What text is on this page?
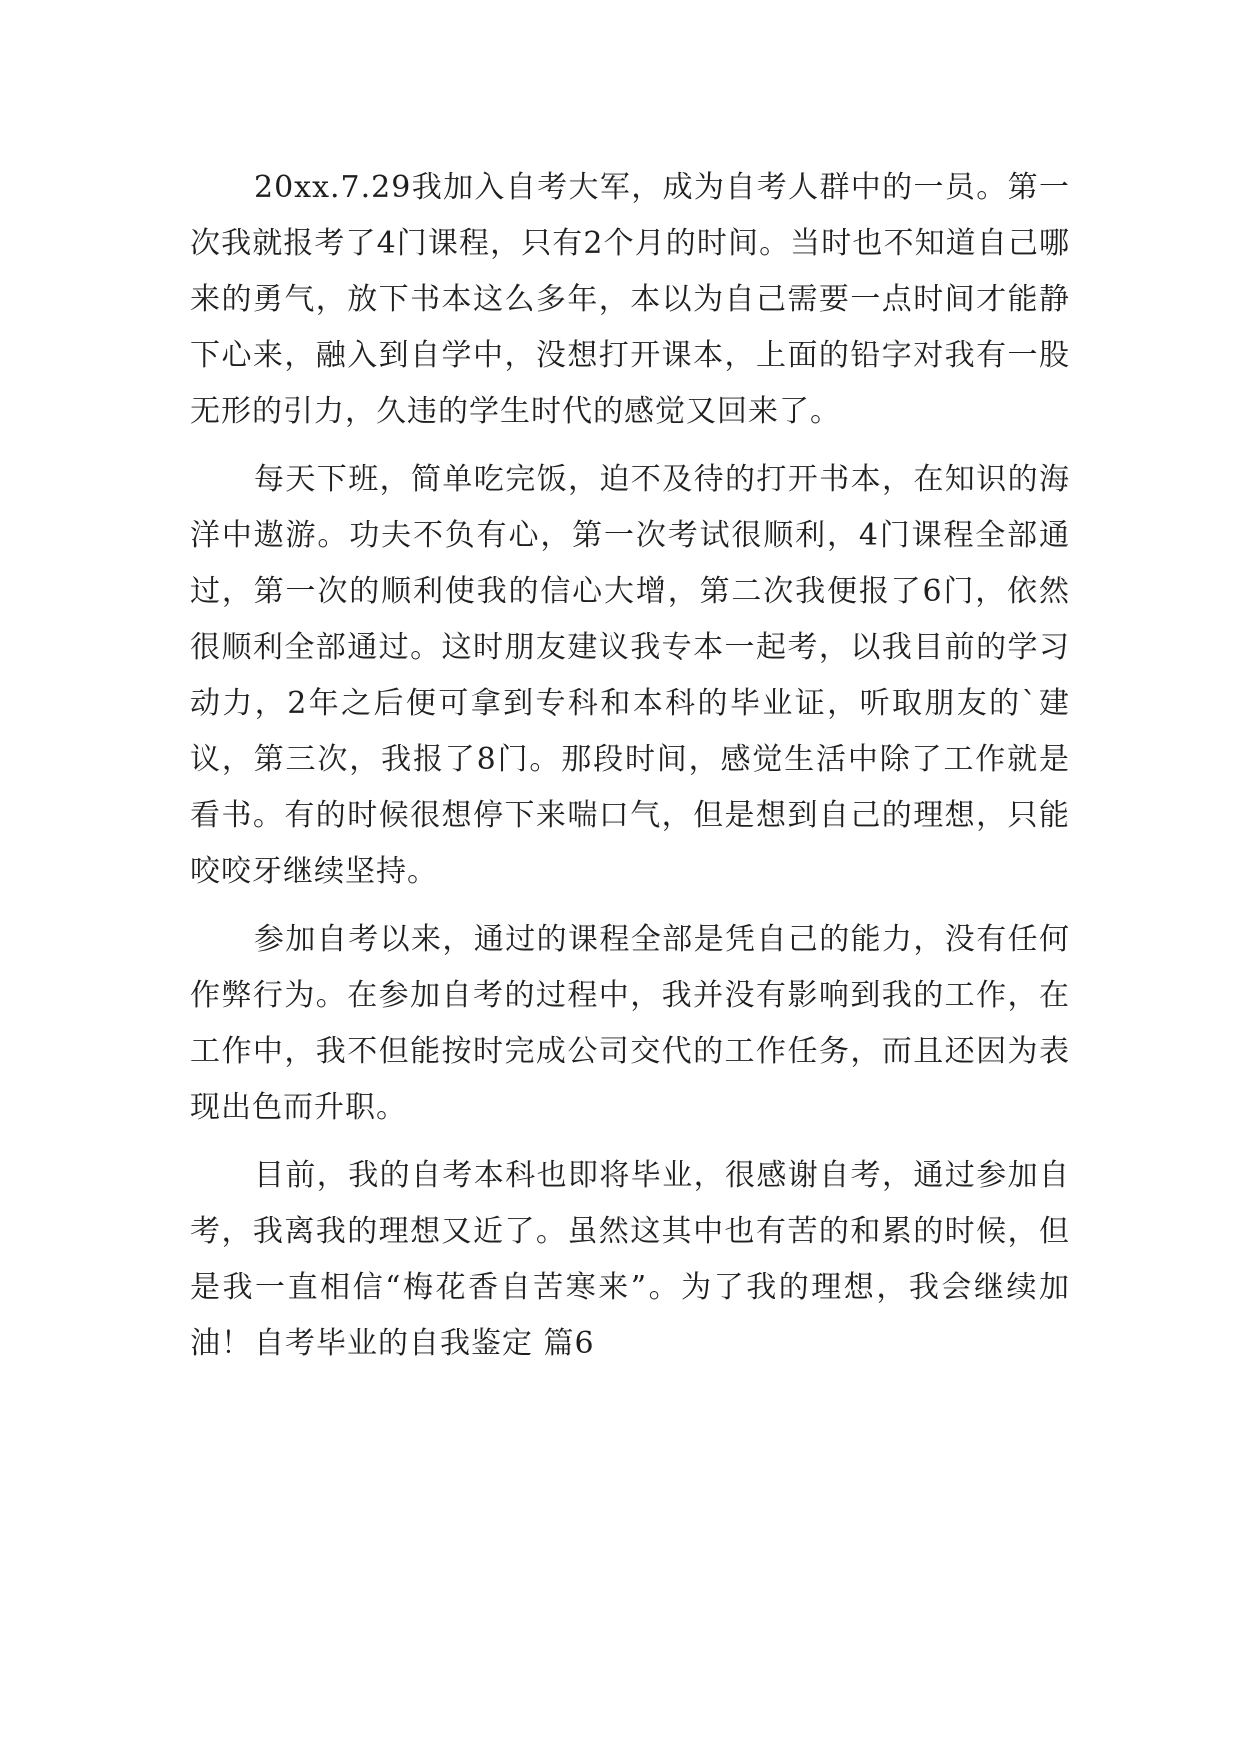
20xx.7.29我加入自考大军，成为自考人群中的一员。第一次我就报考了4门课程，只有2个月的时间。当时也不知道自己哪来的勇气，放下书本这么多年，本以为自己需要一点时间才能静下心来，融入到自学中，没想打开课本，上面的铅字对我有一股无形的引力，久违的学生时代的感觉又回来了。

每天下班，简单吃完饭，迫不及待的打开书本，在知识的海洋中遨游。功夫不负有心，第一次考试很顺利，4门课程全部通过，第一次的顺利使我的信心大增，第二次我便报了6门，依然很顺利全部通过。这时朋友建议我专本一起考，以我目前的学习动力，2年之后便可拿到专科和本科的毕业证，听取朋友的`建议，第三次，我报了8门。那段时间，感觉生活中除了工作就是看书。有的时候很想停下来喘口气，但是想到自己的理想，只能咬咬牙继续坚持。

参加自考以来，通过的课程全部是凭自己的能力，没有任何作弊行为。在参加自考的过程中，我并没有影响到我的工作，在工作中，我不但能按时完成公司交代的工作任务，而且还因为表现出色而升职。

目前，我的自考本科也即将毕业，很感谢自考，通过参加自考，我离我的理想又近了。虽然这其中也有苦的和累的时候，但是我一直相信“梅花香自苦寒来”。为了我的理想，我会继续加油！ 自考毕业的自我鉴定 篇6
